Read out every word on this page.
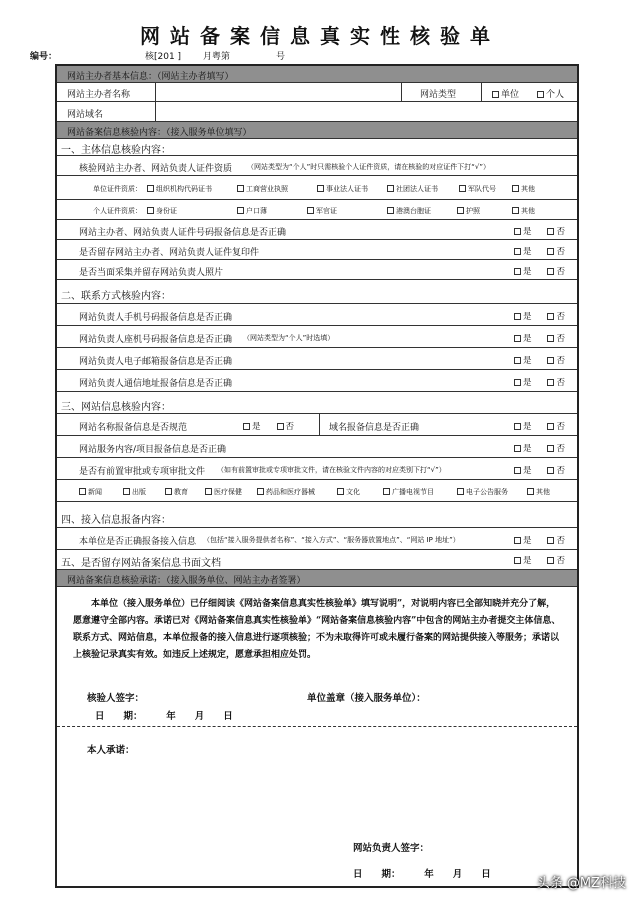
网站备案信息真实性核验单
编号：	核[201 ] 月粤第	号
网站主办者基本信息：（网站主办者填写）
网站主办者名称	网站类型	单位	个人
网站域名
网站备案信息核验内容：（接入服务单位填写）
一、主体信息核验内容：
核验网站主办者、网站负责人证件资质 （网站类型为“个人”时只需核验个人证件资质，请在核验的对应证件下打“√”）
单位证件资质：	组织机构代码证书	工商营业执照	事业法人证书	社团法人证书	军队代号	其他
个人证件资质：	身份证	户口薄	军官证	港澳台胞证	护照	其他
网站主办者、网站负责人证件号码报备信息是否正确	是	否
是否留存网站主办者、网站负责人证件复印件	是	否
是否当面采集并留存网站负责人照片	是	否
二、联系方式核验内容：
网站负责人手机号码报备信息是否正确	是	否
网站负责人座机号码报备信息是否正确 （网站类型为“个人”时选填）	是	否
网站负责人电子邮箱报备信息是否正确	是	否
网站负责人通信地址报备信息是否正确	是	否
三、网站信息核验内容：
网站名称报备信息是否规范	是	否	域名报备信息是否正确	是	否
网站服务内容/项目报备信息是否正确	是	否
是否有前置审批或专项审批文件 （如有前置审批或专项审批文件，请在核验文件内容的对应类别下打“√”）	是	否
新闻	出版	教育	医疗保健	药品和医疗器械	文化	广播电视节目	电子公告服务	其他
四、接入信息报备内容：
本单位是否正确报备接入信息 （包括“接入服务提供者名称”、“接入方式”、“服务器放置地点”、“网站 IP 地址”）	是	否
五、是否留存网站备案信息书面文档	是	否
网站备案信息核验承诺：（接入服务单位、网站主办者签署）
本单位（接入服务单位）已仔细阅读《网站备案信息真实性核验单》填写说明”，对说明内容已全部知晓并充分了解，愿意遵守全部内容。承诺已对《网站备案信息真实性核验单》“网站备案信息核验内容”中包含的网站主办者提交主体信息、联系方式、网站信息，本单位报备的接入信息进行逐项核验；不为未取得许可或未履行备案的网站提供接入等服务；承诺以上核验记录真实有效。如违反上述规定，愿意承担相应处罚。
核验人签字：	单位盖章（接入服务单位）：
日　　期：　　　年　　月　　日
本人承诺：
网站负责人签字：
日　　期：　　　年　　月　　日
头条 @MZ科技
